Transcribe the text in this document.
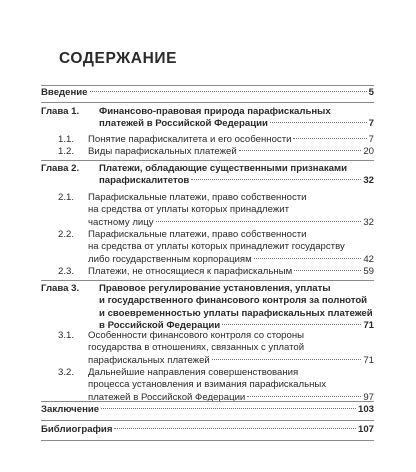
СОДЕРЖАНИЕ
Введение	5
Глава 1. Финансово-правовая природа парафискальных
платежей в Российской Федерации	7
1.1. Понятие парафискалитета и его особенности	7
1.2. Виды парафискальных платежей	20
Глава 2. Платежи, обладающие существенными признаками
парафискалитетов	32
2.1. Парафискальные платежи, право собственности
на средства от уплаты которых принадлежит
частному лицу	32
2.2. Парафискальные платежи, право собственности
на средства от уплаты которых принадлежит государству
либо государственным корпорациям	42
2.3. Платежи, не относящиеся к парафискальным	59
Глава 3. Правовое регулирование установления, уплаты
и государственного финансового контроля за полнотой
и своевременностью уплаты парафискальных платежей
в Российской Федерации	71
3.1. Особенности финансового контроля со стороны
государства в отношениях, связанных с уплатой
парафискальных платежей	71
3.2. Дальнейшие направления совершенствования
процесса установления и взимания парафискальных
платежей в Российской Федерации	97
Заключение	103
Библиография	107
